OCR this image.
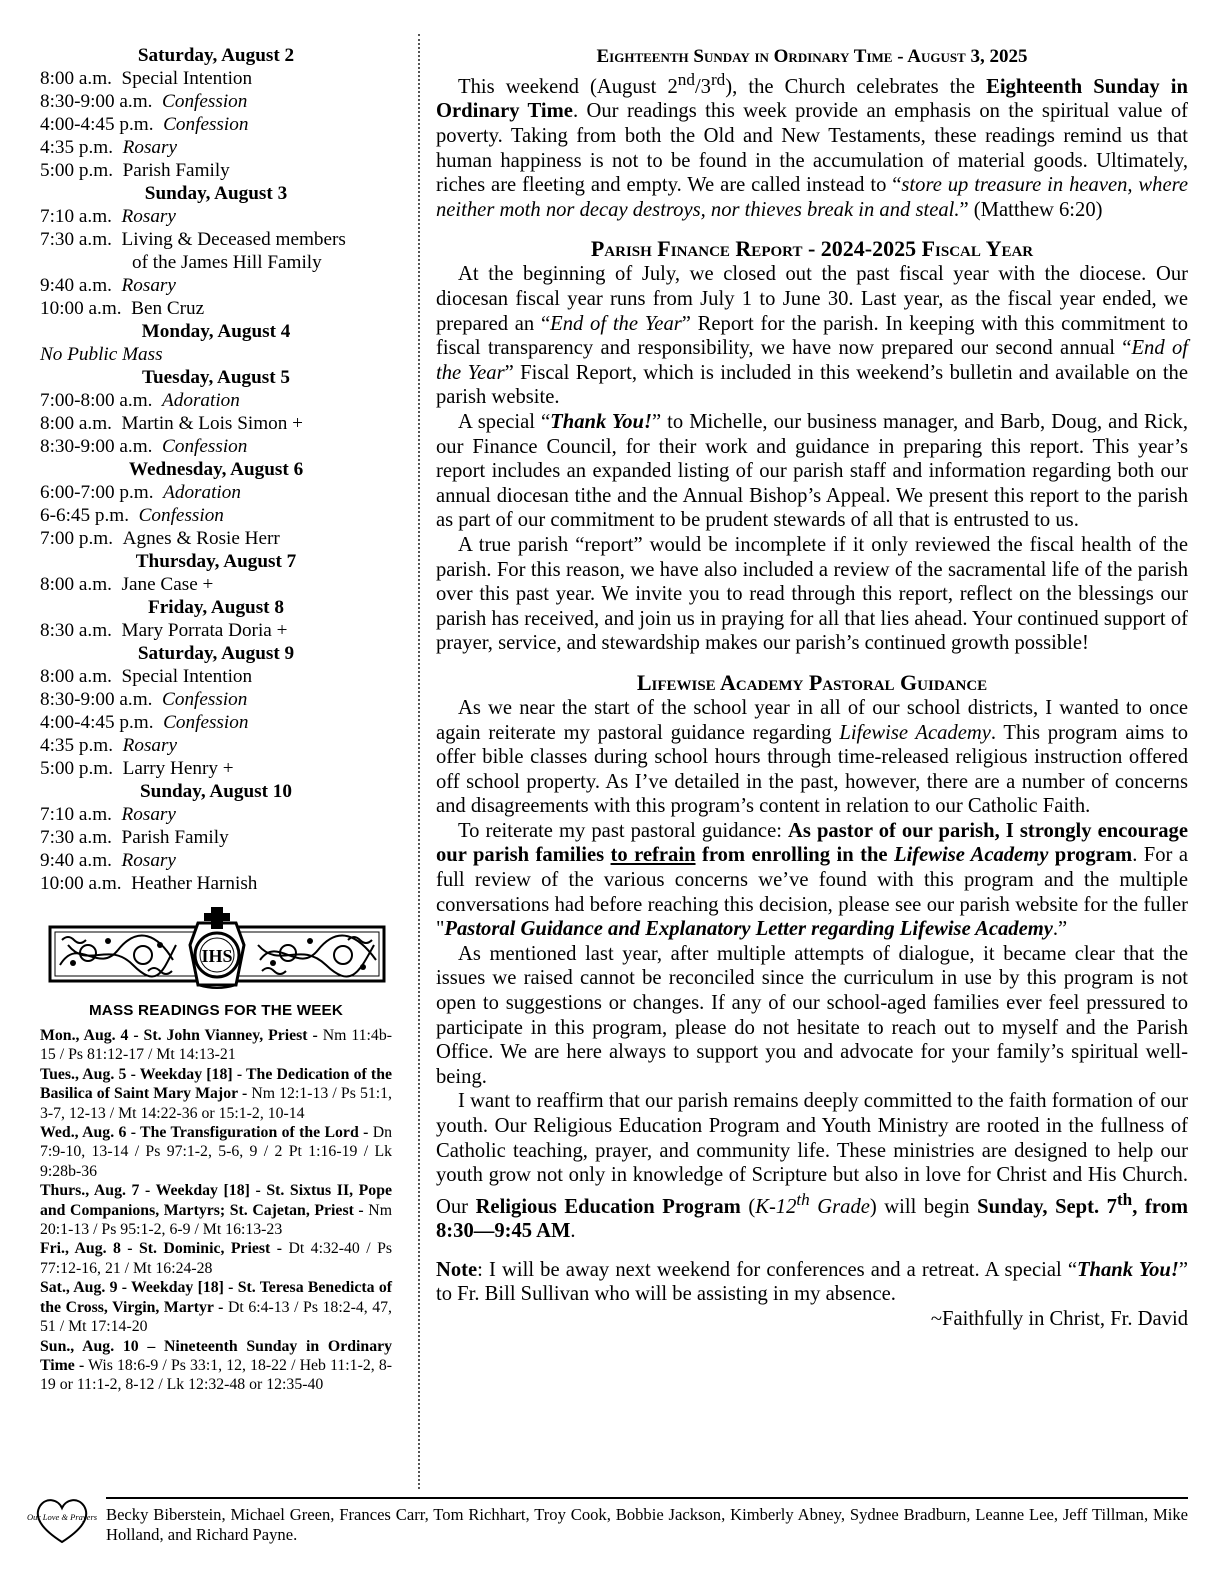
Saturday, August 2
8:00 a.m. Special Intention
8:30-9:00 a.m. Confession
4:00-4:45 p.m. Confession
4:35 p.m. Rosary
5:00 p.m. Parish Family
Sunday, August 3
7:10 a.m. Rosary
7:30 a.m. Living & Deceased members
of the James Hill Family
9:40 a.m. Rosary
10:00 a.m. Ben Cruz
Monday, August 4
No Public Mass
Tuesday, August 5
7:00-8:00 a.m. Adoration
8:00 a.m. Martin & Lois Simon +
8:30-9:00 a.m. Confession
Wednesday, August 6
6:00-7:00 p.m. Adoration
6-6:45 p.m. Confession
7:00 p.m. Agnes & Rosie Herr
Thursday, August 7
8:00 a.m. Jane Case +
Friday, August 8
8:30 a.m. Mary Porrata Doria +
Saturday, August 9
8:00 a.m. Special Intention
8:30-9:00 a.m. Confession
4:00-4:45 p.m. Confession
4:35 p.m. Rosary
5:00 p.m. Larry Henry +
Sunday, August 10
7:10 a.m. Rosary
7:30 a.m. Parish Family
9:40 a.m. Rosary
10:00 a.m. Heather Harnish
IHS
MASS READINGS FOR THE WEEK

Mon., Aug. 4 - St. John Vianney, Priest - Nm 11:4b-15 / Ps 81:12-17 / Mt 14:13-21

Tues., Aug. 5 - Weekday [18] - The Dedication of the Basilica of Saint Mary Major - Nm 12:1-13 / Ps 51:1, 3-7, 12-13 / Mt 14:22-36 or 15:1-2, 10-14

Wed., Aug. 6 - The Transfiguration of the Lord - Dn 7:9-10, 13-14 / Ps 97:1-2, 5-6, 9 / 2 Pt 1:16-19 / Lk 9:28b-36

Thurs., Aug. 7 - Weekday [18] - St. Sixtus II, Pope and Companions, Martyrs; St. Cajetan, Priest - Nm 20:1-13 / Ps 95:1-2, 6-9 / Mt 16:13-23

Fri., Aug. 8 - St. Dominic, Priest - Dt 4:32-40 / Ps 77:12-16, 21 / Mt 16:24-28

Sat., Aug. 9 - Weekday [18] - St. Teresa Benedicta of the Cross, Virgin, Martyr - Dt 6:4-13 / Ps 18:2-4, 47, 51 / Mt 17:14-20

Sun., Aug. 10 – Nineteenth Sunday in Ordinary Time - Wis 18:6-9 / Ps 33:1, 12, 18-22 / Heb 11:1-2, 8-19 or 11:1-2, 8-12 / Lk 12:32-48 or 12:35-40

Eighteenth Sunday in Ordinary Time - August 3, 2025

This weekend (August 2nd/3rd), the Church celebrates the Eighteenth Sunday in Ordinary Time. Our readings this week provide an emphasis on the spiritual value of poverty. Taking from both the Old and New Testaments, these readings remind us that human happiness is not to be found in the accumulation of material goods. Ultimately, riches are fleeting and empty. We are called instead to “store up treasure in heaven, where neither moth nor decay destroys, nor thieves break in and steal.” (Matthew 6:20)

Parish Finance Report - 2024-2025 Fiscal Year

At the beginning of July, we closed out the past fiscal year with the diocese. Our diocesan fiscal year runs from July 1 to June 30. Last year, as the fiscal year ended, we prepared an “End of the Year” Report for the parish. In keeping with this commitment to fiscal transparency and responsibility, we have now prepared our second annual “End of the Year” Fiscal Report, which is included in this weekend’s bulletin and available on the parish website.

A special “Thank You!” to Michelle, our business manager, and Barb, Doug, and Rick, our Finance Council, for their work and guidance in preparing this report. This year’s report includes an expanded listing of our parish staff and information regarding both our annual diocesan tithe and the Annual Bishop’s Appeal. We present this report to the parish as part of our commitment to be prudent stewards of all that is entrusted to us.

A true parish “report” would be incomplete if it only reviewed the fiscal health of the parish. For this reason, we have also included a review of the sacramental life of the parish over this past year. We invite you to read through this report, reflect on the blessings our parish has received, and join us in praying for all that lies ahead. Your continued support of prayer, service, and stewardship makes our parish’s continued growth possible!

Lifewise Academy Pastoral Guidance

As we near the start of the school year in all of our school districts, I wanted to once again reiterate my pastoral guidance regarding Lifewise Academy. This program aims to offer bible classes during school hours through time-released religious instruction offered off school property. As I’ve detailed in the past, however, there are a number of concerns and disagreements with this program’s content in relation to our Catholic Faith.

To reiterate my past pastoral guidance: As pastor of our parish, I strongly encourage our parish families to refrain from enrolling in the Lifewise Academy program. For a full review of the various concerns we’ve found with this program and the multiple conversations had before reaching this decision, please see our parish website for the fuller "Pastoral Guidance and Explanatory Letter regarding Lifewise Academy.”

As mentioned last year, after multiple attempts of dialogue, it became clear that the issues we raised cannot be reconciled since the curriculum in use by this program is not open to suggestions or changes. If any of our school-aged families ever feel pressured to participate in this program, please do not hesitate to reach out to myself and the Parish Office. We are here always to support you and advocate for your family’s spiritual well-being.

I want to reaffirm that our parish remains deeply committed to the faith formation of our youth. Our Religious Education Program and Youth Ministry are rooted in the fullness of Catholic teaching, prayer, and community life. These ministries are designed to help our youth grow not only in knowledge of Scripture but also in love for Christ and His Church. Our Religious Education Program (K-12th Grade) will begin Sunday, Sept. 7th, from 8:30—9:45 AM.

Note: I will be away next weekend for conferences and a retreat. A special “Thank You!” to Fr. Bill Sullivan who will be assisting in my absence.

~Faithfully in Christ, Fr. David
Our Love & Prayers Becky Biberstein, Michael Green, Frances Carr, Tom Richhart, Troy Cook, Bobbie Jackson, Kimberly Abney, Sydnee Bradburn, Leanne Lee, Jeff Tillman, Mike Holland, and Richard Payne.
